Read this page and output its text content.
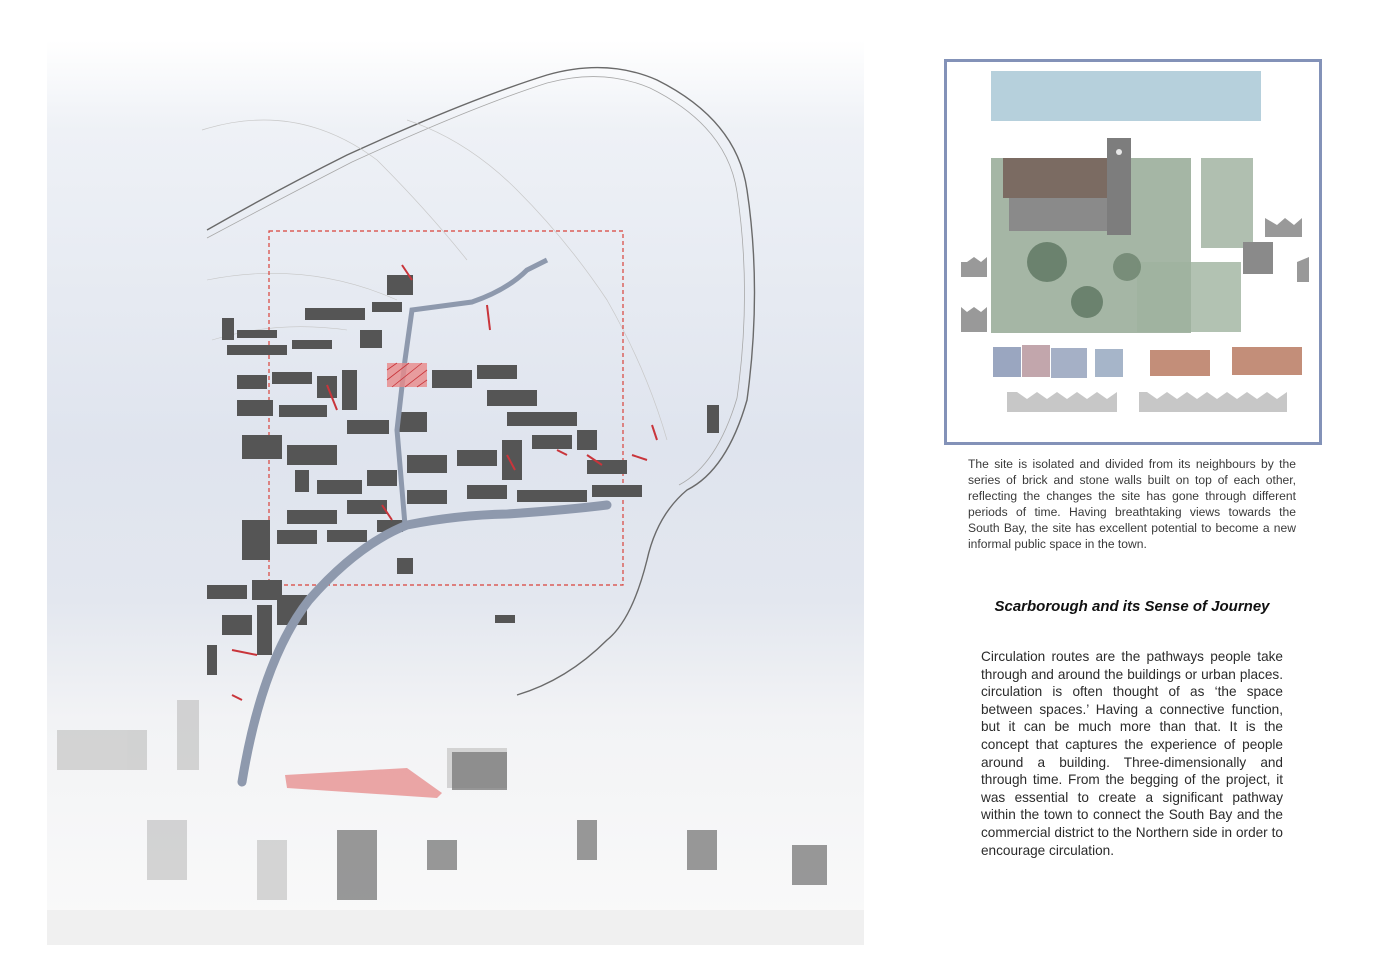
The site is isolated and divided from its neighbours by the series of brick and stone walls built on top of each other, reflecting the changes the site has gone through different periods of time. Having breathtaking views towards the South Bay, the site has excellent potential to become a new informal public space in the town.

Scarborough and its Sense of Journey

Circulation routes are the pathways people take through and around the buildings or urban places. circulation is often thought of as ‘the space between spaces.’ Having a connective function, but it can be much more than that. It is the concept that captures the experience of people around a building. Three-dimensionally and through time. From the begging of the project, it was essential to create a significant pathway within the town to connect the South Bay and the commercial district to the Northern side in order to encourage circulation.
